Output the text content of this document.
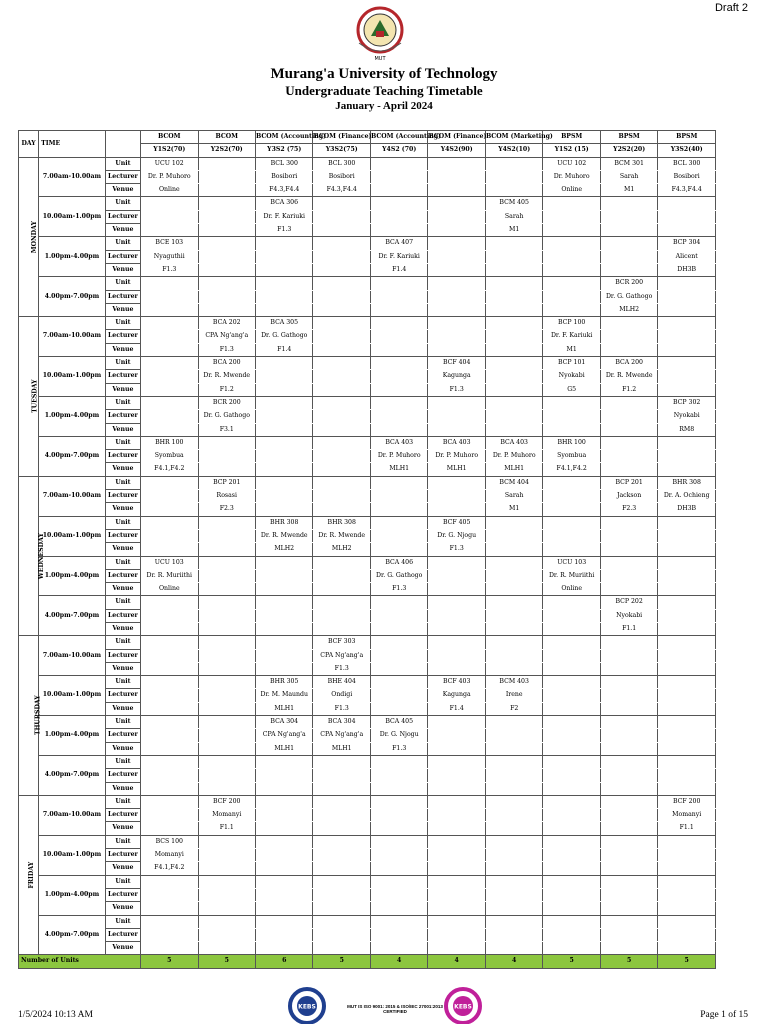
Draft 2
MUT
Murang'a University of Technology
Undergraduate Teaching Timetable
January - April 2024
DAY	TIME		BCOM	BCOM	BCOM (Accounting)	BCOM (Finance)	BCOM (Accounting)	BCOM (Finance)	BCOM (Marketing)	BPSM	BPSM	BPSM
			Y1S2(70)	Y2S2(70)	Y3S2 (75)	Y3S2(75)	Y4S2 (70)	Y4S2(90)	Y4S2(10)	Y1S2 (15)	Y2S2(20)	Y3S2(40)
MONDAY	7.00am-10.00am	Unit	UCU 102		BCL 300	BCL 300				UCU 102	BCM 301	BCL 300
		Lecturer	Dr. P. Muhoro		Bosibori	Bosibori				Dr. Muhoro	Sarah	Bosibori
		Venue	Online		F4.3,F4.4	F4.3,F4.4				Online	M1	F4.3,F4.4
	10.00am-1.00pm	Unit			BCA 306				BCM 405			
		Lecturer			Dr. F. Kariuki				Sarah			
		Venue			F1.3				M1			
	1.00pm-4.00pm	Unit	BCE 103				BCA 407					BCP 304
		Lecturer	Nyaguthii				Dr. F. Kariuki					Alicent
		Venue	F1.3				F1.4					DH3B
	4.00pm-7.00pm	Unit									BCR 200	
		Lecturer									Dr. G. Gathogo	
		Venue									MLH2	
TUESDAY	7.00am-10.00am	Unit		BCA 202	BCA 305					BCP 100		
		Lecturer		CPA Ng'ang'a	Dr. G. Gathogo					Dr. F. Kariuki		
		Venue		F1.3	F1.4					M1		
	10.00am-1.00pm	Unit		BCA 200				BCF 404		BCP 101	BCA 200	
		Lecturer		Dr. R. Mwende				Kagunga		Nyokabi	Dr. R. Mwende	
		Venue		F1.2				F1.3		G5	F1.2	
	1.00pm-4.00pm	Unit		BCR 200								BCP 302
		Lecturer		Dr. G. Gathogo								Nyokabi
		Venue		F3.1								RM8
	4.00pm-7.00pm	Unit	BHR 100				BCA 403	BCA 403	BCA 403	BHR 100		
		Lecturer	Syombua				Dr. P. Muhoro	Dr. P. Muhoro	Dr. P. Muhoro	Syombua		
		Venue	F4.1,F4.2				MLH1	MLH1	MLH1	F4.1,F4.2		
WEDNESDAY	7.00am-10.00am	Unit		BCP 201					BCM 404		BCP 201	BHR 308
		Lecturer		Rosasi					Sarah		Jackson	Dr. A. Ochieng
		Venue		F2.3					M1		F2.3	DH3B
	10.00am-1.00pm	Unit			BHR 308	BHR 308		BCF 405				
		Lecturer			Dr. R. Mwende	Dr. R. Mwende		Dr. G. Njogu				
		Venue			MLH2	MLH2		F1.3				
	1.00pm-4.00pm	Unit	UCU 103				BCA 406			UCU 103		
		Lecturer	Dr. R. Muriithi				Dr. G. Gathogo			Dr. R. Muriithi		
		Venue	Online				F1.3			Online		
	4.00pm-7.00pm	Unit									BCP 202	
		Lecturer									Nyokabi	
		Venue									F1.1	
THURSDAY	7.00am-10.00am	Unit				BCF 303						
		Lecturer				CPA Ng'ang'a						
		Venue				F1.3						
	10.00am-1.00pm	Unit			BHR 305	BHE 404		BCF 403	BCM 403			
		Lecturer			Dr. M. Maundu	Ondigi		Kagunga	Irene			
		Venue			MLH1	F1.3		F1.4	F2			
	1.00pm-4.00pm	Unit			BCA 304	BCA 304	BCA 405					
		Lecturer			CPA Ng'ang'a	CPA Ng'ang'a	Dr. G. Njogu					
		Venue			MLH1	MLH1	F1.3					
	4.00pm-7.00pm	Unit										
		Lecturer										
		Venue										
FRIDAY	7.00am-10.00am	Unit		BCF 200								BCF 200
		Lecturer		Momanyi								Momanyi
		Venue		F1.1								F1.1
	10.00am-1.00pm	Unit	BCS 100									
		Lecturer	Momanyi									
		Venue	F4.1,F4.2									
	1.00pm-4.00pm	Unit										
		Lecturer										
		Venue										
	4.00pm-7.00pm	Unit										
		Lecturer										
		Venue										
Number of Units			5	5	6	5	4	4	4	5	5	5
1/5/2024 10:13 AM
KEBS	KEBS
MUT IS ISO 9001: 2015 & ISO/IEC 27001:2013 CERTIFIED	Page 1 of 15
